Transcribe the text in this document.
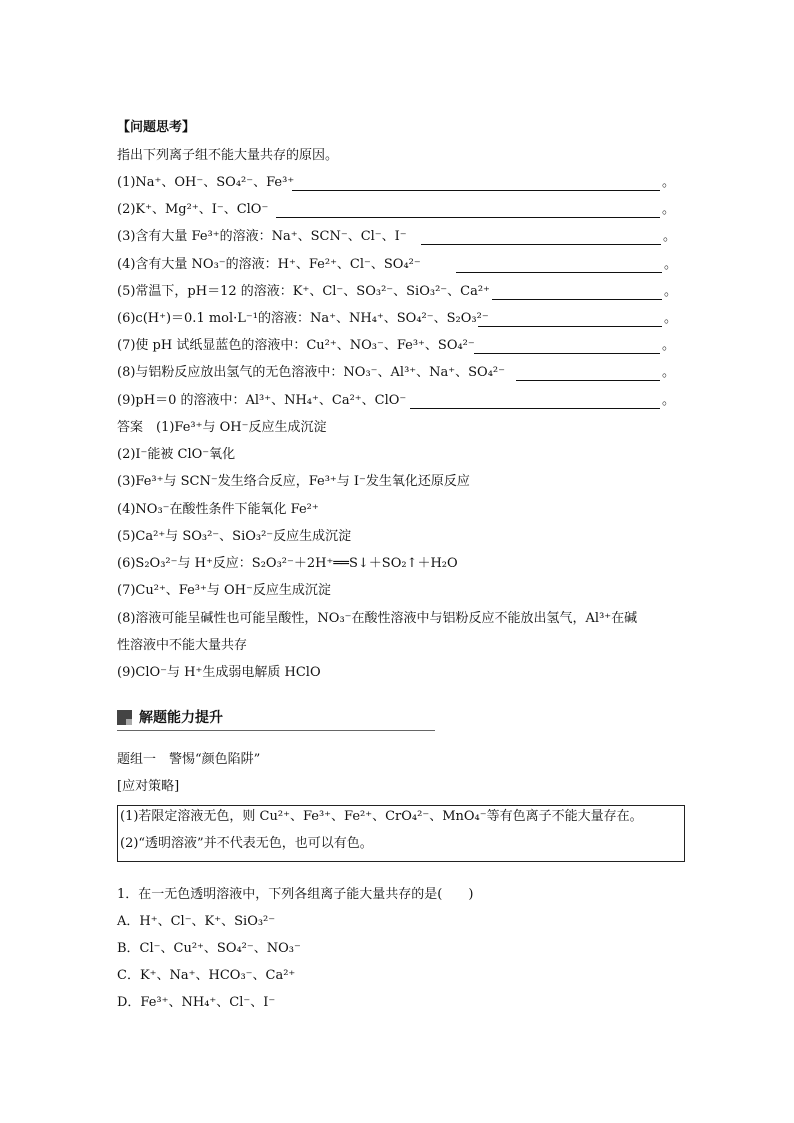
【问题思考】
指出下列离子组不能大量共存的原因。
(1)Na⁺、OH⁻、SO₄²⁻、Fe³⁺	。
(2)K⁺、Mg²⁺、I⁻、ClO⁻	。
(3)含有大量 Fe³⁺的溶液：Na⁺、SCN⁻、Cl⁻、I⁻	。
(4)含有大量 NO₃⁻的溶液：H⁺、Fe²⁺、Cl⁻、SO₄²⁻	。
(5)常温下，pH＝12 的溶液：K⁺、Cl⁻、SO₃²⁻、SiO₃²⁻、Ca²⁺	。
(6)c(H⁺)＝0.1 mol·L⁻¹的溶液：Na⁺、NH₄⁺、SO₄²⁻、S₂O₃²⁻	。
(7)使 pH 试纸显蓝色的溶液中：Cu²⁺、NO₃⁻、Fe³⁺、SO₄²⁻	。
(8)与铝粉反应放出氢气的无色溶液中：NO₃⁻、Al³⁺、Na⁺、SO₄²⁻	。
(9)pH＝0 的溶液中：Al³⁺、NH₄⁺、Ca²⁺、ClO⁻	。
答案　(1)Fe³⁺与 OH⁻反应生成沉淀
(2)I⁻能被 ClO⁻氧化
(3)Fe³⁺与 SCN⁻发生络合反应，Fe³⁺与 I⁻发生氧化还原反应
(4)NO₃⁻在酸性条件下能氧化 Fe²⁺
(5)Ca²⁺与 SO₃²⁻、SiO₃²⁻反应生成沉淀
(6)S₂O₃²⁻与 H⁺反应：S₂O₃²⁻＋2H⁺══S↓＋SO₂↑＋H₂O
(7)Cu²⁺、Fe³⁺与 OH⁻反应生成沉淀
(8)溶液可能呈碱性也可能呈酸性，NO₃⁻在酸性溶液中与铝粉反应不能放出氢气，Al³⁺在碱
性溶液中不能大量共存
(9)ClO⁻与 H⁺生成弱电解质 HClO
解题能力提升
题组一　警惕“颜色陷阱”
[应对策略]
(1)若限定溶液无色，则 Cu²⁺、Fe³⁺、Fe²⁺、CrO₄²⁻、MnO₄⁻等有色离子不能大量存在。
(2)“透明溶液”并不代表无色，也可以有色。
1．在一无色透明溶液中，下列各组离子能大量共存的是(　　)
A．H⁺、Cl⁻、K⁺、SiO₃²⁻
B．Cl⁻、Cu²⁺、SO₄²⁻、NO₃⁻
C．K⁺、Na⁺、HCO₃⁻、Ca²⁺
D．Fe³⁺、NH₄⁺、Cl⁻、I⁻
